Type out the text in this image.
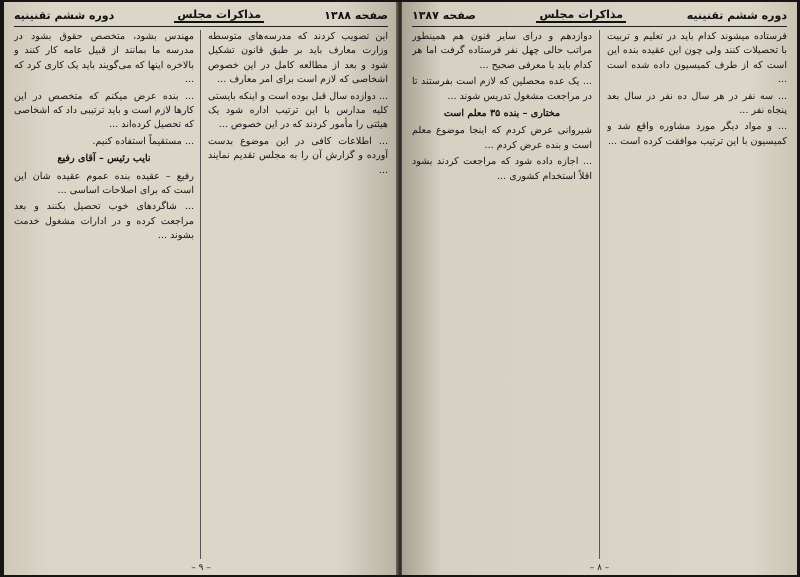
صفحه ۱۳۸۸
مذاكرات مجلس
دوره ششم تقنينيه

این تصویب کردند که مدرسه‌های متوسطه وزارت معارف باید بر طبق قانون تشکیل شود و بعد از مطالعه کامل در این خصوص اشخاصی که لازم است برای امر معارف ...

... دوازده سال قبل بوده است و اینکه بایستی کلیه مدارس با این ترتیب اداره شود یک هیئتی را مأمور کردند که در این خصوص ...

... اطلاعات کافی در این موضوع بدست آورده و گزارش آن را به مجلس تقدیم نمایند ...

مهندس بشود، متخصص حقوق بشود در مدرسه ما بمانند از قبیل عامه کار کنند و بالاخره اینها که می‌گویند باید یک کاری کرد که ...

... بنده عرض میکنم که متخصص در این کارها لازم است و باید ترتیبی داد که اشخاصی که تحصیل کرده‌اند ...

... مستقیماً استفاده کنیم.

نایب رئیس – آقای رفیع

رفیع – عقیده بنده عموم عقیده شان این است که برای اصلاحات اساسی ...

... شاگردهای خوب تحصیل بکنند و بعد مراجعت کرده و در ادارات مشغول خدمت بشوند ...

– ۹ –
دوره ششم تقنینیه
مذاكرات مجلس
صفحه ۱۳۸۷

فرستاده میشوند کدام باید در تعلیم و تربیت با تحصیلات کنند ولی چون این عقیده بنده این است که از طرف کمیسیون داده شده است ...

... سه نفر در هر سال ده نفر در سال بعد پنجاه نفر ...

... و مواد دیگر مورد مشاوره واقع شد و کمیسیون با این ترتیب موافقت کرده است ...

دوازدهم و درای سایر فنون هم همینطور مراتب حالی چهل نفر فرستاده گرفت اما هر کدام باید با معرفی صحیح ...

... یک عده محصلین که لازم است بفرستند تا در مراجعت مشغول تدریس شوند ...

مختاری – بنده ۳۵ معلم است

شیروانی عرض کردم که اینجا موضوع معلم است و بنده عرض کردم ...

... اجازه داده شود که مراجعت کردند بشود اقلاً استخدام کشوری ...

– ۸ –
